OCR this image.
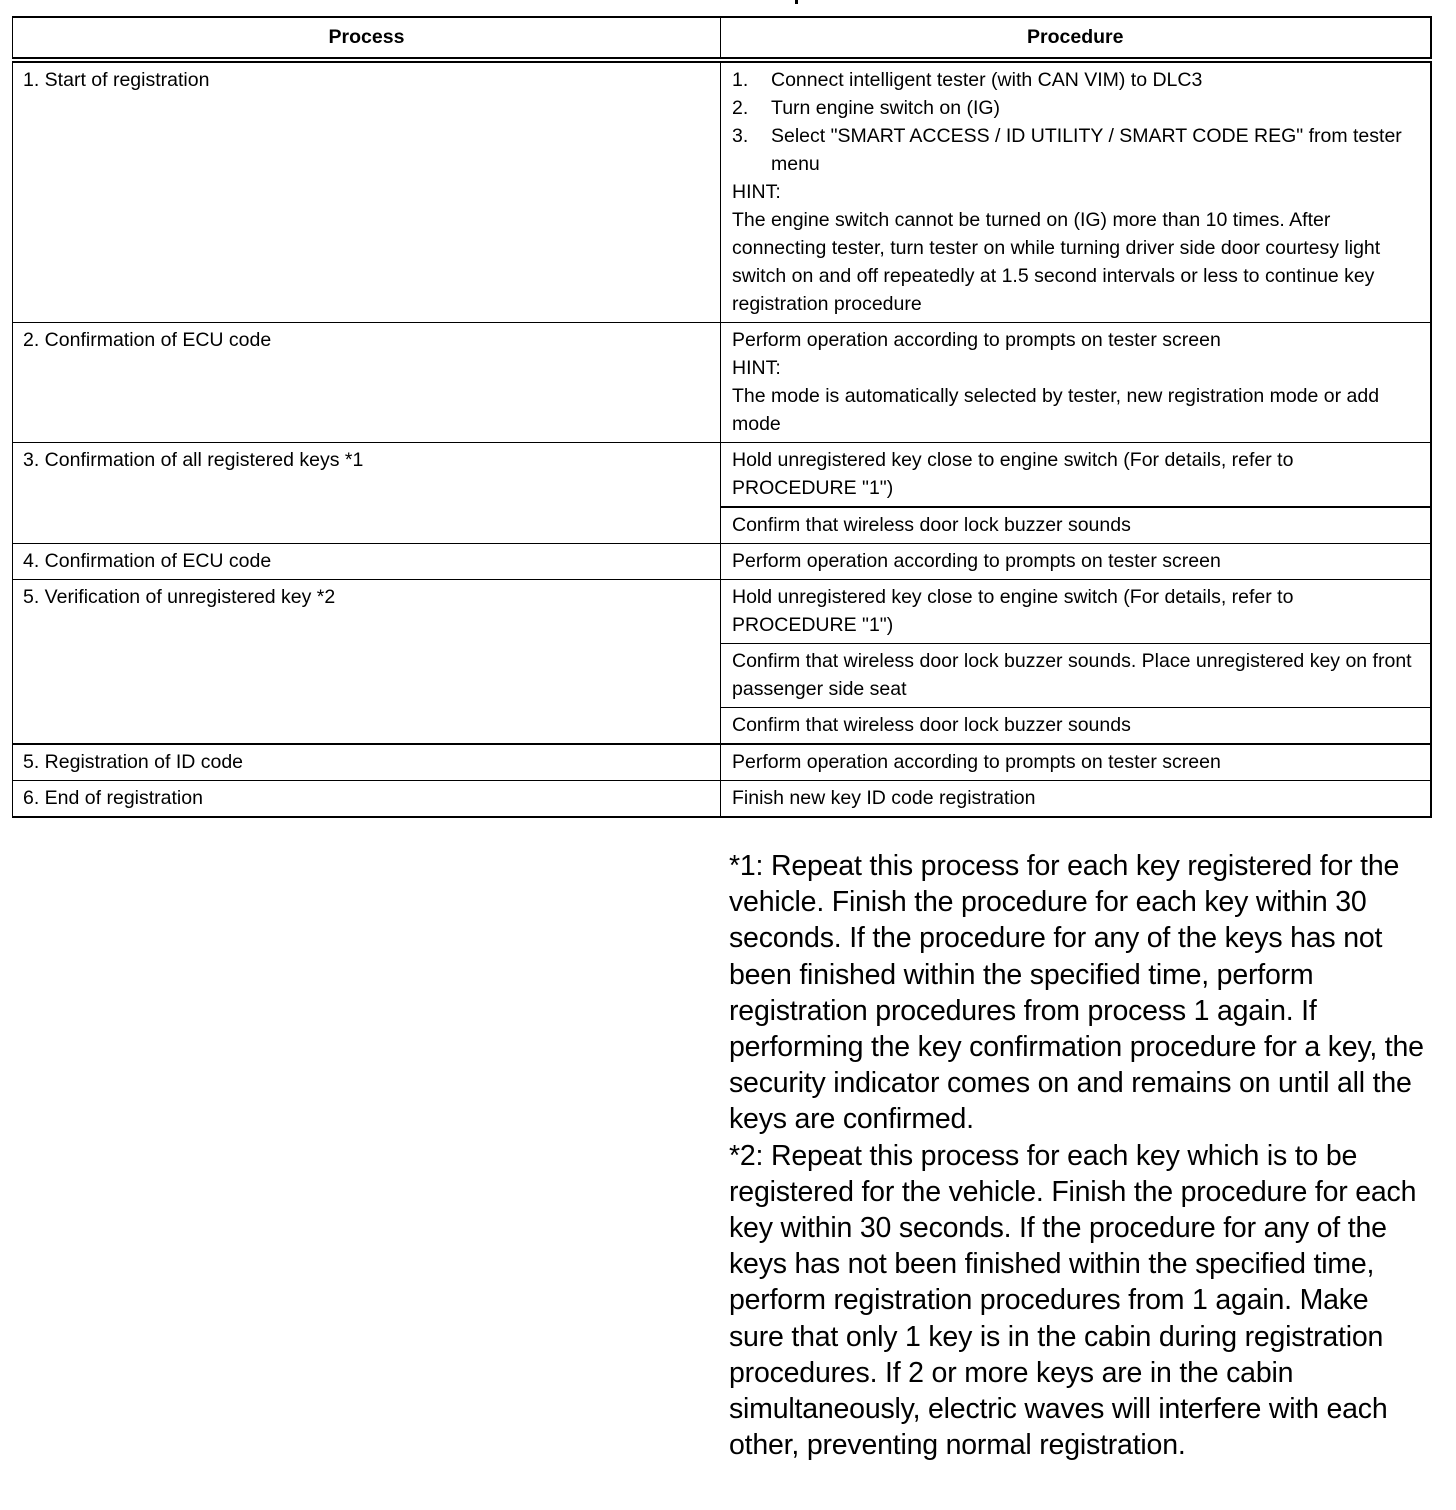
Process	Procedure
1. Start of registration	1.	Connect intelligent tester (with CAN VIM) to DLC3
2.	Turn engine switch on (IG)
3.	Select "SMART ACCESS / ID UTILITY / SMART CODE REG" from tester menu
HINT:
The engine switch cannot be turned on (IG) more than 10 times. After connecting tester, turn tester on while turning driver side door courtesy light switch on and off repeatedly at 1.5 second intervals or less to continue key registration procedure

2. Confirmation of ECU code	Perform operation according to prompts on tester screen
HINT:
The mode is automatically selected by tester, new registration mode or add mode

3. Confirmation of all registered keys *1	Hold unregistered key close to engine switch (For details, refer to PROCEDURE "1")
	Confirm that wireless door lock buzzer sounds
4. Confirmation of ECU code	Perform operation according to prompts on tester screen
5. Verification of unregistered key *2	Hold unregistered key close to engine switch (For details, refer to PROCEDURE "1")
	Confirm that wireless door lock buzzer sounds. Place unregistered key on front passenger side seat
	Confirm that wireless door lock buzzer sounds
5. Registration of ID code	Perform operation according to prompts on tester screen
6. End of registration	Finish new key ID code registration

*1: Repeat this process for each key registered for the vehicle. Finish the procedure for each key within 30 seconds. If the procedure for any of the keys has not been finished within the specified time, perform registration procedures from process 1 again. If performing the key confirmation procedure for a key, the security indicator comes on and remains on until all the keys are confirmed.

*2: Repeat this process for each key which is to be registered for the vehicle. Finish the procedure for each key within 30 seconds. If the procedure for any of the keys has not been finished within the specified time, perform registration procedures from 1 again. Make sure that only 1 key is in the cabin during registration procedures. If 2 or more keys are in the cabin simultaneously, electric waves will interfere with each other, preventing normal registration.
